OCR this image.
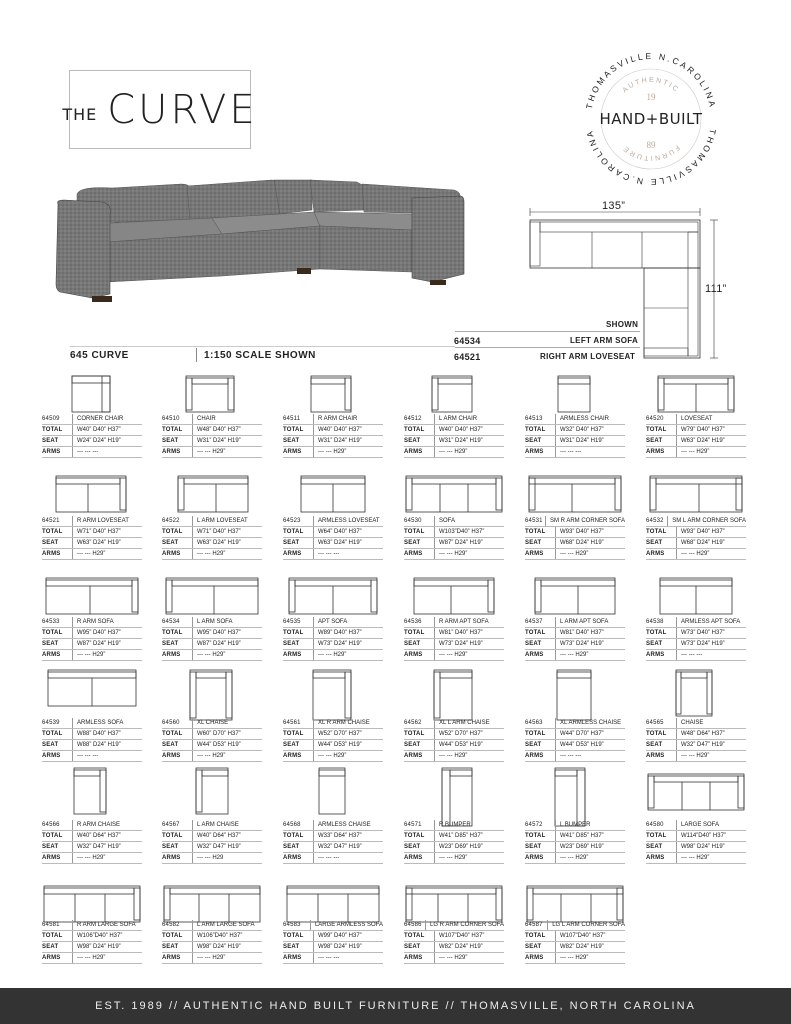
THE CURVE	THOMASVILLE N.CAROLINA
THOMASVILLE N.CAROLINA
AUTHENTIC
FURNITURE
19
HAND+BUILT
89
135”
111”
SHOWN
64534	LEFT ARM SOFA
64521	RIGHT ARM LOVESEAT
645 CURVE	1:150 SCALE SHOWN
64509	CORNER CHAIR
TOTAL	W40” D40” H37”
SEAT	W24” D24” H19”
ARMS	--- --- ---
64510	CHAIR
TOTAL	W48” D40” H37”
SEAT	W31” D24” H19”
ARMS	--- --- H29”
64511	R ARM CHAIR
TOTAL	W40” D40” H37”
SEAT	W31” D24” H19”
ARMS	--- --- H29”
64512	L ARM CHAIR
TOTAL	W40” D40” H37”
SEAT	W31” D24” H19”
ARMS	--- --- H29”
64513	ARMLESS CHAIR
TOTAL	W32” D40” H37”
SEAT	W31” D24” H19”
ARMS	--- --- ---
64520	LOVESEAT
TOTAL	W79” D40” H37”
SEAT	W63” D24” H19”
ARMS	--- --- H29”
64521	R ARM LOVESEAT
TOTAL	W71” D40” H37”
SEAT	W63” D24” H19”
ARMS	--- --- H29”
64522	L ARM LOVESEAT
TOTAL	W71” D40” H37”
SEAT	W63” D24” H19”
ARMS	--- --- H29”
64523	ARMLESS LOVESEAT
TOTAL	W64” D40” H37”
SEAT	W63” D24” H19”
ARMS	--- --- ---
64530	SOFA
TOTAL	W103”D40” H37”
SEAT	W87” D24” H19”
ARMS	--- --- H29”
64531	SM R ARM CORNER SOFA
TOTAL	W93” D40” H37”
SEAT	W68” D24” H19”
ARMS	--- --- H29”
64532	SM L ARM CORNER SOFA
TOTAL	W93” D40” H37”
SEAT	W68” D24” H19”
ARMS	--- --- H29”
64533	R ARM SOFA
TOTAL	W95” D40” H37”
SEAT	W87” D24” H19”
ARMS	--- --- H29”
64534	L ARM SOFA
TOTAL	W95” D40” H37”
SEAT	W87” D24” H19”
ARMS	--- --- H29”
64535	APT SOFA
TOTAL	W89” D40” H37”
SEAT	W73” D24” H19”
ARMS	--- --- H29”
64536	R ARM APT SOFA
TOTAL	W81” D40” H37”
SEAT	W73” D24” H19”
ARMS	--- --- H29”
64537	L ARM APT SOFA
TOTAL	W81” D40” H37”
SEAT	W73” D24” H19”
ARMS	--- --- H29”
64538	ARMLESS APT SOFA
TOTAL	W73” D40” H37”
SEAT	W73” D24” H19”
ARMS	--- --- ---
64539	ARMLESS SOFA
TOTAL	W88” D40” H37”
SEAT	W88” D24” H19”
ARMS	--- --- ---
64560	XL CHAISE
TOTAL	W60” D70” H37”
SEAT	W44” D53” H19”
ARMS	--- --- H29”
64561	XL R ARM CHAISE
TOTAL	W52” D70” H37”
SEAT	W44” D53” H19”
ARMS	--- --- H29”
64562	XL L ARM CHAISE
TOTAL	W52” D70” H37”
SEAT	W44” D53” H19”
ARMS	--- --- H29”
64563	XL ARMLESS CHAISE
TOTAL	W44” D70” H37”
SEAT	W44” D53” H19”
ARMS	--- --- ---
64565	CHAISE
TOTAL	W48” D64” H37”
SEAT	W32” D47” H19”
ARMS	--- --- H29”
64566	R ARM CHAISE
TOTAL	W40” D64” H37”
SEAT	W32” D47” H19”
ARMS	--- --- H29”
64567	L ARM CHAISE
TOTAL	W40” D64” H37”
SEAT	W32” D47” H19”
ARMS	--- --- H29
64568	ARMLESS CHAISE
TOTAL	W33” D64” H37”
SEAT	W32” D47” H19”
ARMS	--- --- ---
64571	R BUMPER
TOTAL	W41” D85” H37”
SEAT	W23” D69” H19”
ARMS	--- --- H29”
64572	L BUMPER
TOTAL	W41” D85” H37”
SEAT	W23” D69” H19”
ARMS	--- --- H29”
64580	LARGE SOFA
TOTAL	W114”D40” H37”
SEAT	W98” D24” H19”
ARMS	--- --- H29”
64581	R ARM LARGE SOFA
TOTAL	W106”D40” H37”
SEAT	W98” D24” H19”
ARMS	--- --- H29”
64582	L ARM LARGE SOFA
TOTAL	W106”D40” H37”
SEAT	W98” D24” H19”
ARMS	--- --- H29”
64583	LARGE ARMLESS SOFA
TOTAL	W99” D40” H37”
SEAT	W98” D24” H19”
ARMS	--- --- ---
64586	LG R ARM CORNER SOFA
TOTAL	W107”D40” H37”
SEAT	W82” D24” H19”
ARMS	--- --- H29”
64587	LG L ARM CORNER SOFA
TOTAL	W107”D40” H37”
SEAT	W82” D24” H19”
ARMS	--- --- H29”
EST. 1989 // AUTHENTIC HAND BUILT FURNITURE // THOMASVILLE, NORTH CAROLINA
